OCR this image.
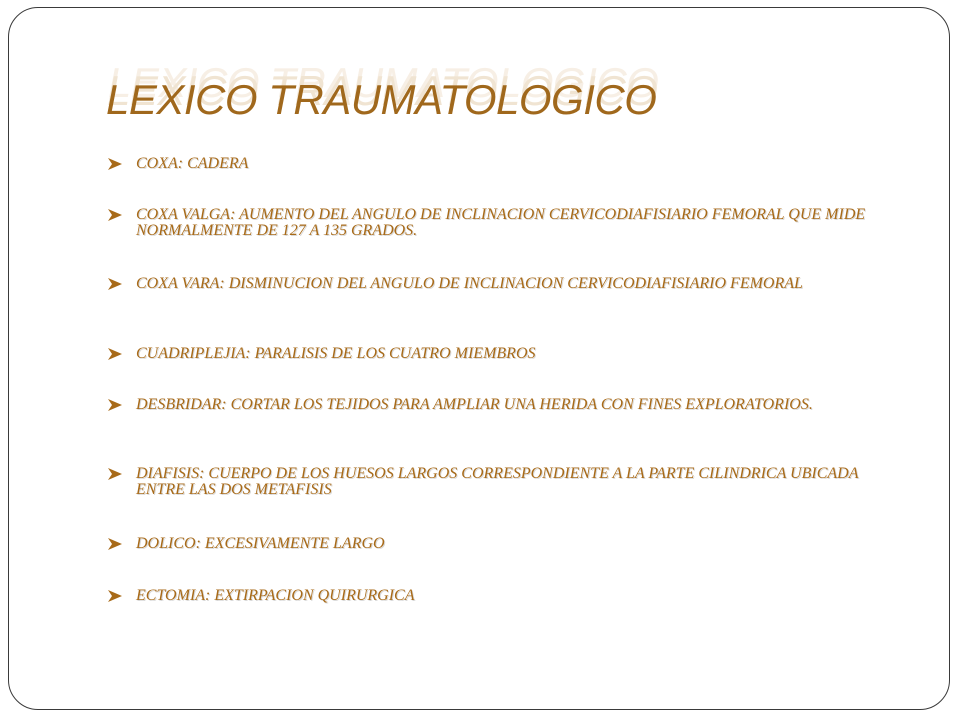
LEXICO TRAUMATOLOGICO
COXA: CADERA
COXA VALGA: AUMENTO DEL ANGULO DE INCLINACION CERVICODIAFISIARIO FEMORAL QUE MIDE NORMALMENTE DE 127 A 135 GRADOS.
COXA VARA: DISMINUCION DEL ANGULO DE INCLINACION CERVICODIAFISIARIO FEMORAL
CUADRIPLEJIA: PARALISIS DE LOS CUATRO MIEMBROS
DESBRIDAR: CORTAR LOS TEJIDOS PARA AMPLIAR UNA HERIDA CON FINES EXPLORATORIOS.
DIAFISIS: CUERPO DE LOS HUESOS LARGOS CORRESPONDIENTE A LA PARTE CILINDRICA UBICADA ENTRE LAS DOS METAFISIS
DOLICO: EXCESIVAMENTE LARGO
ECTOMIA: EXTIRPACION QUIRURGICA
